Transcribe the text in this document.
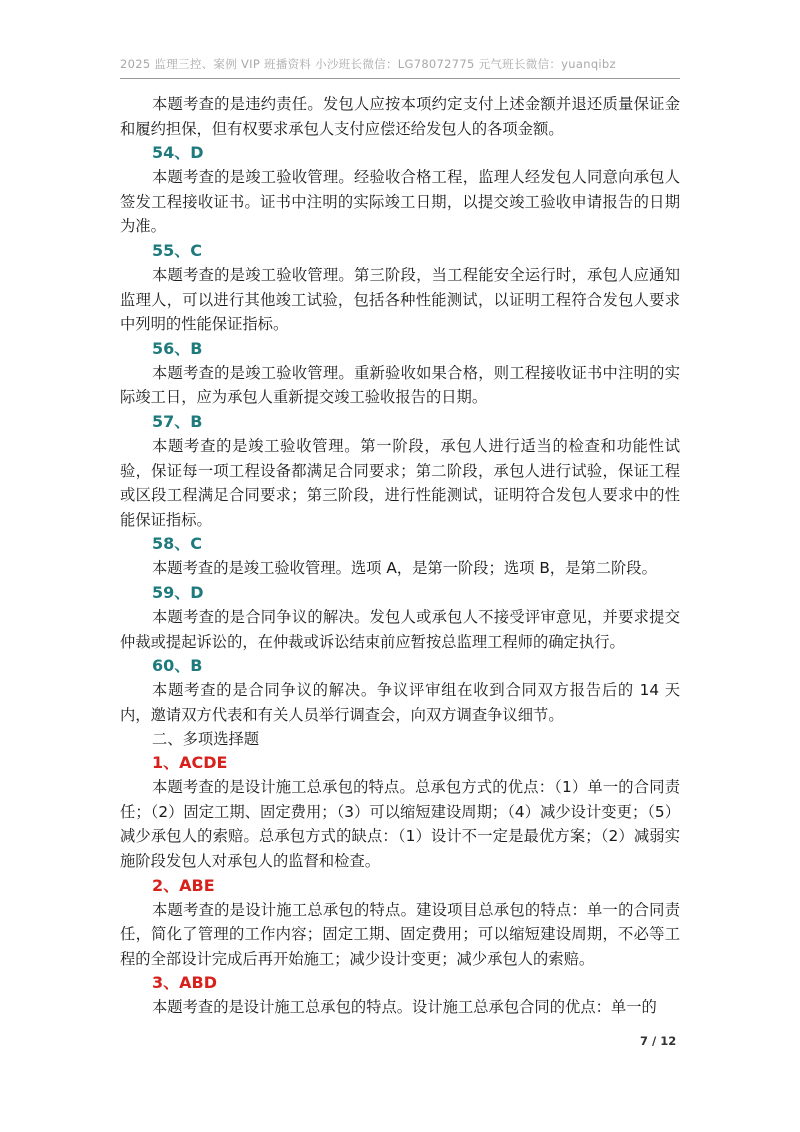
2025 监理三控、案例 VIP 班播资料 小沙班长微信：LG78072775 元气班长微信：yuanqibz

本题考查的是违约责任。发包人应按本项约定支付上述金额并退还质量保证金和履约担保，但有权要求承包人支付应偿还给发包人的各项金额。

54、D

本题考查的是竣工验收管理。经验收合格工程，监理人经发包人同意向承包人签发工程接收证书。证书中注明的实际竣工日期，以提交竣工验收申请报告的日期为准。

55、C

本题考查的是竣工验收管理。第三阶段，当工程能安全运行时，承包人应通知监理人，可以进行其他竣工试验，包括各种性能测试，以证明工程符合发包人要求中列明的性能保证指标。

56、B

本题考查的是竣工验收管理。重新验收如果合格，则工程接收证书中注明的实际竣工日，应为承包人重新提交竣工验收报告的日期。

57、B

本题考查的是竣工验收管理。第一阶段，承包人进行适当的检查和功能性试验，保证每一项工程设备都满足合同要求；第二阶段，承包人进行试验，保证工程或区段工程满足合同要求；第三阶段，进行性能测试，证明符合发包人要求中的性能保证指标。

58、C

本题考查的是竣工验收管理。选项 A，是第一阶段；选项 B，是第二阶段。

59、D

本题考查的是合同争议的解决。发包人或承包人不接受评审意见，并要求提交仲裁或提起诉讼的，在仲裁或诉讼结束前应暂按总监理工程师的确定执行。

60、B

本题考查的是合同争议的解决。争议评审组在收到合同双方报告后的 14 天内，邀请双方代表和有关人员举行调查会，向双方调查争议细节。

二、多项选择题

1、ACDE

本题考查的是设计施工总承包的特点。总承包方式的优点：（1）单一的合同责任；（2）固定工期、固定费用；（3）可以缩短建设周期；（4）减少设计变更；（5）减少承包人的索赔。总承包方式的缺点：（1）设计不一定是最优方案；（2）减弱实施阶段发包人对承包人的监督和检查。

2、ABE

本题考查的是设计施工总承包的特点。建设项目总承包的特点：单一的合同责任，简化了管理的工作内容；固定工期、固定费用；可以缩短建设周期，不必等工程的全部设计完成后再开始施工；减少设计变更；减少承包人的索赔。

3、ABD

本题考查的是设计施工总承包的特点。设计施工总承包合同的优点：单一的

7 / 12
